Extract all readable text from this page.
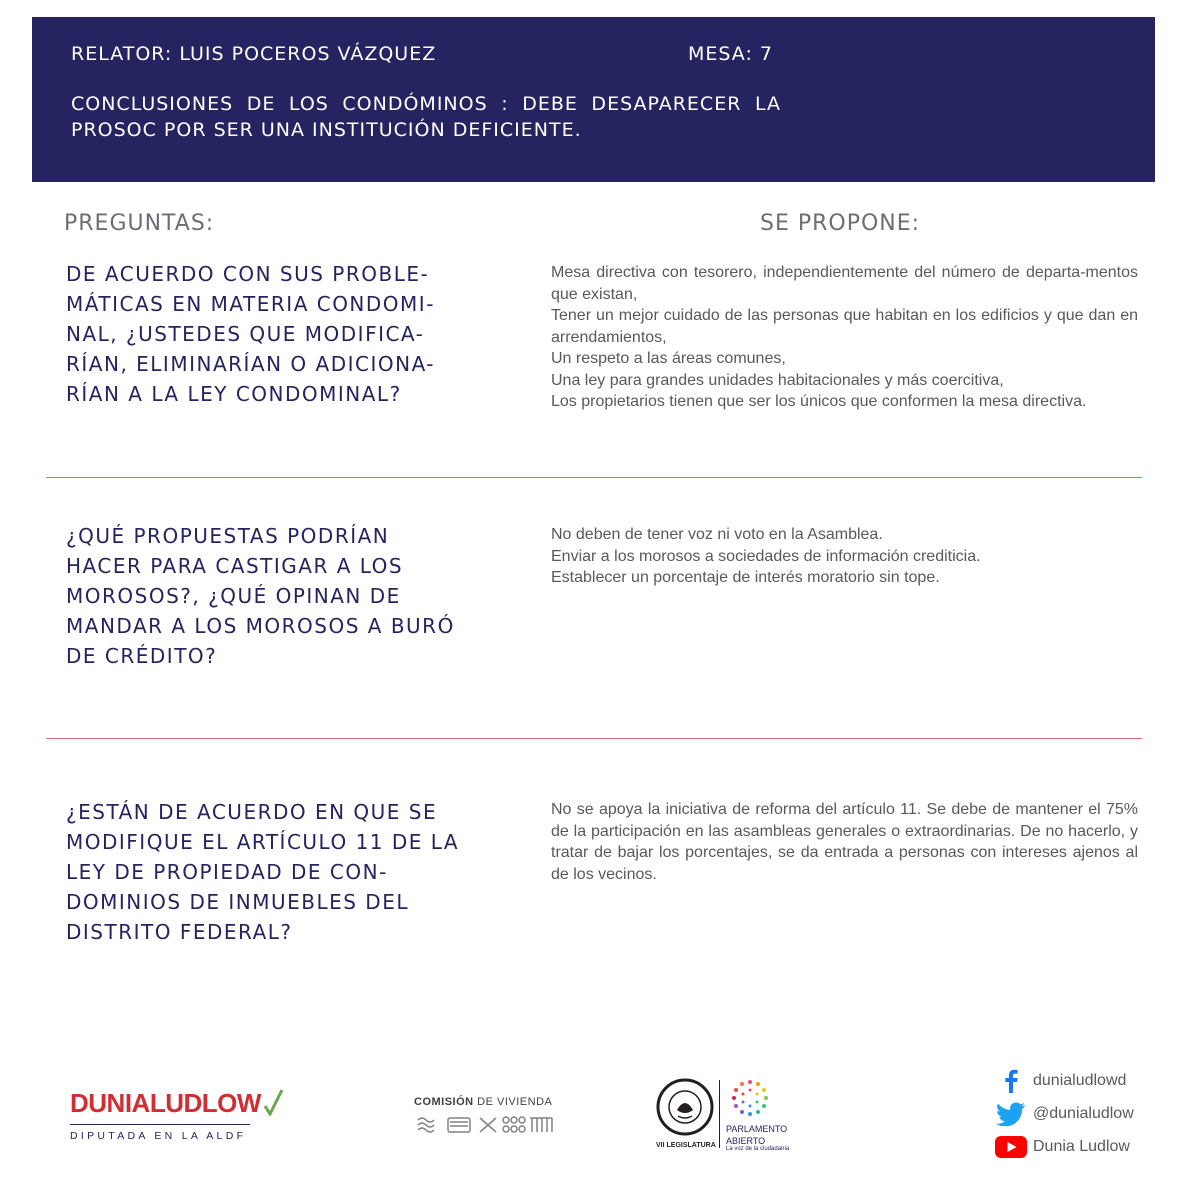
RELATOR: LUIS POCEROS VÁZQUEZ	MESA: 7
CONCLUSIONES DE LOS CONDÓMINOS : DEBE DESAPARECER LA PROSOC POR SER UNA INSTITUCIÓN DEFICIENTE.
PREGUNTAS:	SE PROPONE:
DE ACUERDO CON SUS PROBLE-MÁTICAS EN MATERIA CONDOMI-NAL, ¿USTEDES QUE MODIFICA-RÍAN, ELIMINARÍAN O ADICIONA-RÍAN A LA LEY CONDOMINAL?
Mesa directiva con tesorero, independientemente del número de departa-mentos que existan,
Tener un mejor cuidado de las personas que habitan en los edificios y que dan en arrendamientos,
Un respeto a las áreas comunes,
Una ley para grandes unidades habitacionales y más coercitiva,
Los propietarios tienen que ser los únicos que conformen la mesa directiva.
¿QUÉ PROPUESTAS PODRÍAN HACER PARA CASTIGAR A LOS MOROSOS?, ¿QUÉ OPINAN DE MANDAR A LOS MOROSOS A BURÓ DE CRÉDITO?
No deben de tener voz ni voto en la Asamblea.
Enviar a los morosos a sociedades de información crediticia.
Establecer un porcentaje de interés moratorio sin tope.
¿ESTÁN DE ACUERDO EN QUE SE MODIFIQUE EL ARTÍCULO 11 DE LA LEY DE PROPIEDAD DE CON-DOMINIOS DE INMUEBLES DEL DISTRITO FEDERAL?
No se apoya la iniciativa de reforma del artículo 11. Se debe de mantener el 75% de la participación en las asambleas generales o extraordinarias. De no hacerlo, y tratar de bajar los porcentajes, se da entrada a personas con intereses ajenos al de los vecinos.
DUNIALUDLOW
DIPUTADA EN LA ALDF
COMISIÓN DE VIVIENDA
VII LEGISLATURA
PARLAMENTO
ABIERTO
La voz de la ciudadanía
dunialudlowd
@dunialudlow
Dunia Ludlow
